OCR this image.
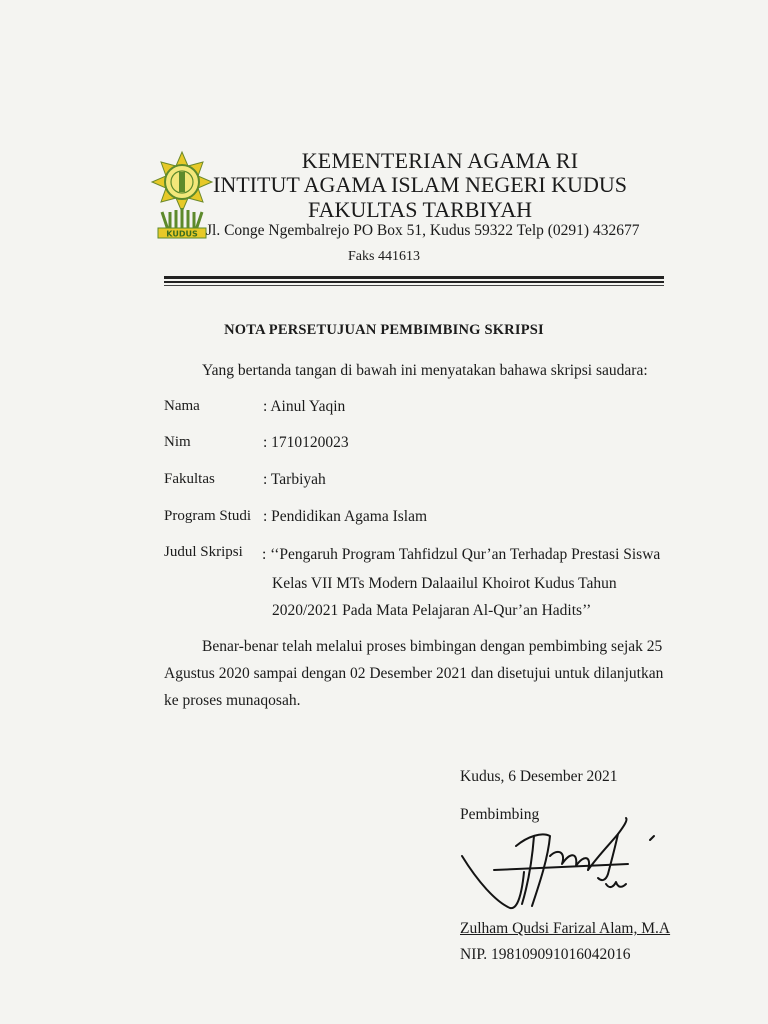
KUDUS
KEMENTERIAN AGAMA RI
INTITUT AGAMA ISLAM NEGERI KUDUS
FAKULTAS TARBIYAH
Jl. Conge Ngembalrejo PO Box 51, Kudus 59322 Telp (0291) 432677
Faks 441613
NOTA PERSETUJUAN PEMBIMBING SKRIPSI
Yang bertanda tangan di bawah ini menyatakan bahawa skripsi saudara:
Nama	: Ainul Yaqin
Nim	: 1710120023
Fakultas	: Tarbiyah
Program Studi : Pendidikan Agama Islam
Judul Skripsi : ‘‘Pengaruh Program Tahfidzul Qur’an Terhadap Prestasi Siswa
Kelas VII MTs Modern Dalaailul Khoirot Kudus Tahun
2020/2021 Pada Mata Pelajaran Al-Qur’an Hadits’’
Benar-benar telah melalui proses bimbingan dengan pembimbing sejak 25
Agustus 2020 sampai dengan 02 Desember 2021 dan disetujui untuk dilanjutkan
ke proses munaqosah.
Kudus, 6 Desember 2021
Pembimbing
Zulham Qudsi Farizal Alam, M.A
NIP. 198109091016042016
